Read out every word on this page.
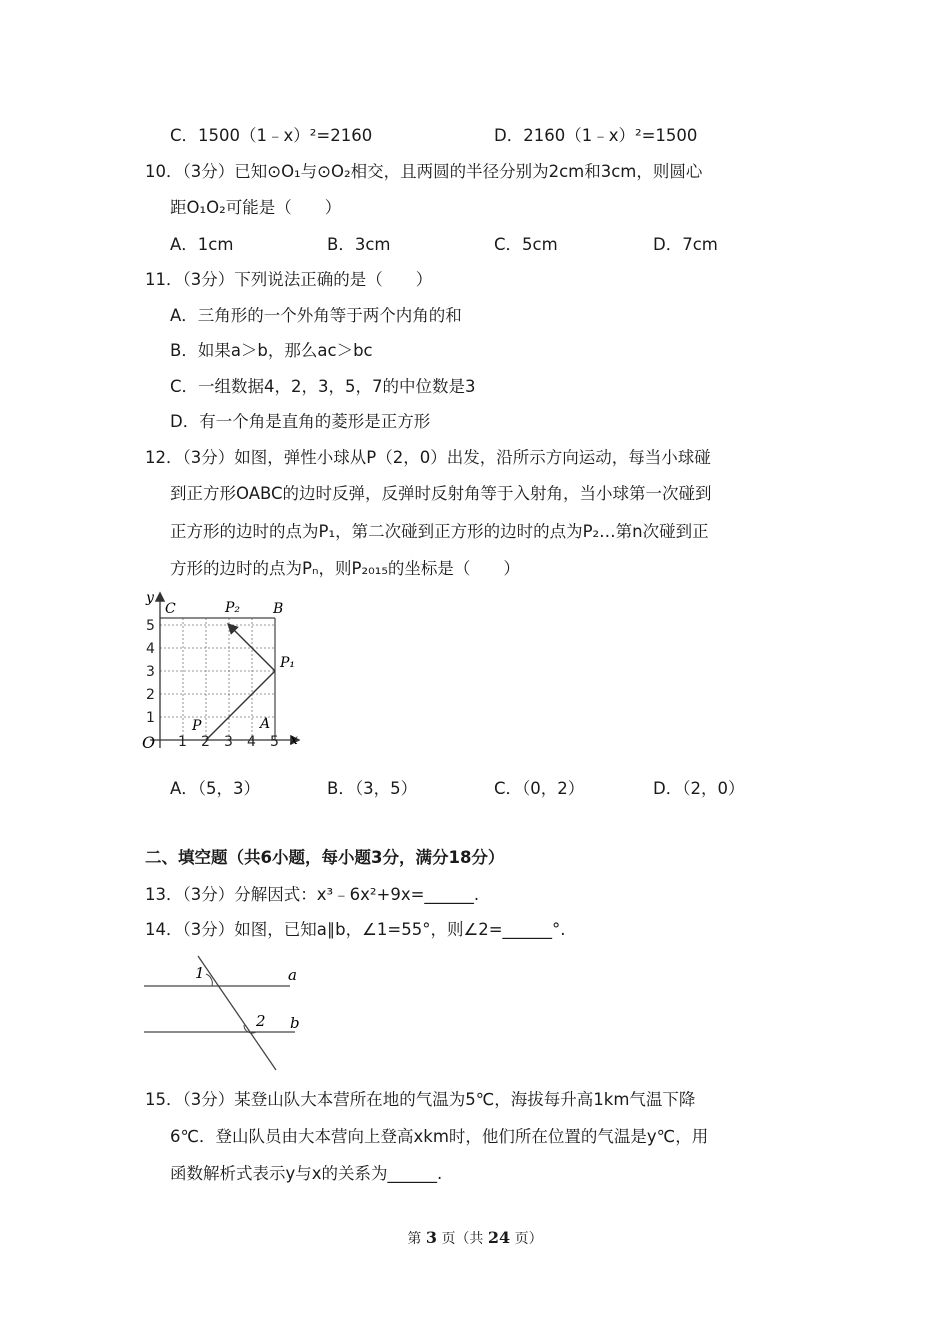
C．1500（1﹣x）²=2160	D．2160（1﹣x）²=1500
10．（3分）已知⊙O₁与⊙O₂相交，且两圆的半径分别为2cm和3cm，则圆心
距O₁O₂可能是（　　）
A．1cm	B．3cm	C．5cm	D．7cm
11．（3分）下列说法正确的是（　　）
A．三角形的一个外角等于两个内角的和
B．如果a＞b，那么ac＞bc
C．一组数据4，2，3，5，7的中位数是3
D．有一个角是直角的菱形是正方形
12．（3分）如图，弹性小球从P（2，0）出发，沿所示方向运动，每当小球碰
到正方形OABC的边时反弹，反弹时反射角等于入射角，当小球第一次碰到
正方形的边时的点为P₁，第二次碰到正方形的边时的点为P₂…第n次碰到正
方形的边时的点为Pₙ，则P₂₀₁₅的坐标是（　　）
y
x
O
C	B
A
P
P₁
P₂
1 2 3 4 5
1
2
3
4
5
A．（5，3）	B．（3，5）	C．（0，2）	D．（2，0）
二、填空题（共6小题，每小题3分，满分18分）
13．（3分）分解因式：x³﹣6x²+9x=______.
14．（3分）如图，已知a∥b，∠1=55°，则∠2=______°.
1
2
a
b
15．（3分）某登山队大本营所在地的气温为5℃，海拔每升高1km气温下降
6℃．登山队员由大本营向上登高xkm时，他们所在位置的气温是y℃，用
函数解析式表示y与x的关系为______.
第 3 页（共 24 页）
